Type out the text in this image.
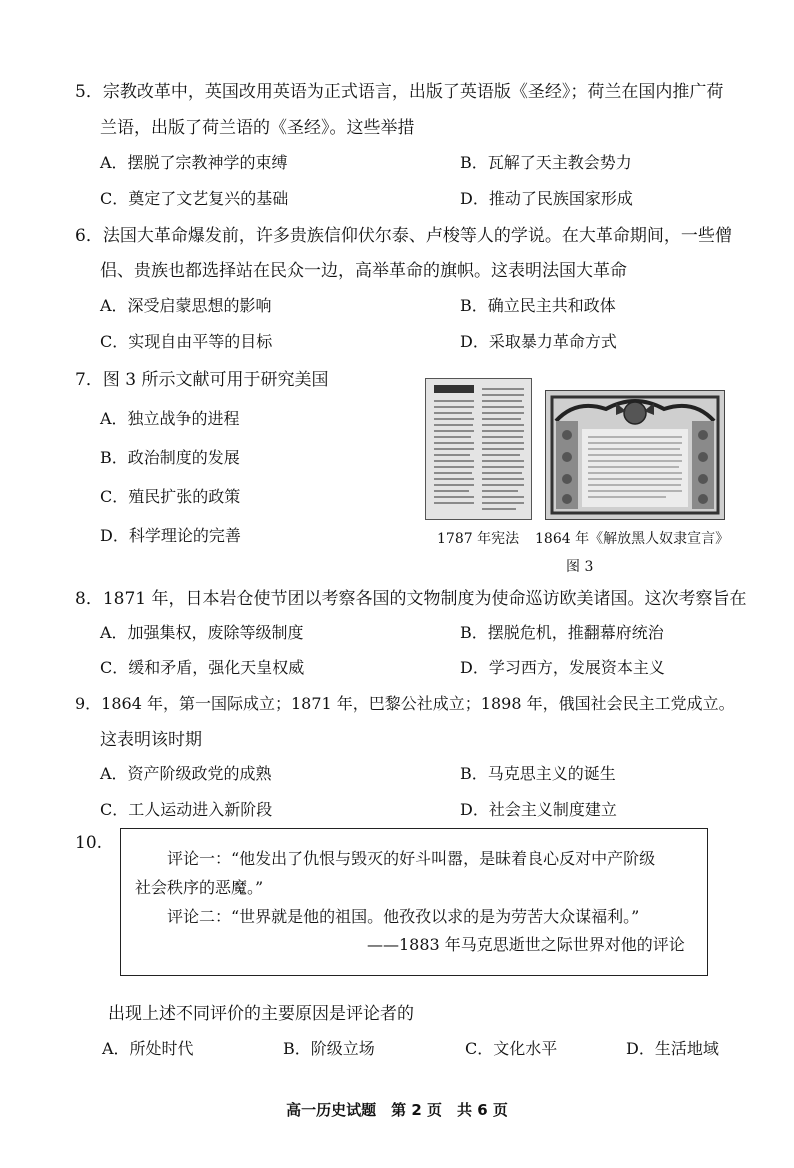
5．宗教改革中，英国改用英语为正式语言，出版了英语版《圣经》；荷兰在国内推广荷
兰语，出版了荷兰语的《圣经》。这些举措
A．摆脱了宗教神学的束缚	B．瓦解了天主教会势力
C．奠定了文艺复兴的基础	D．推动了民族国家形成
6．法国大革命爆发前，许多贵族信仰伏尔泰、卢梭等人的学说。在大革命期间，一些僧
侣、贵族也都选择站在民众一边，高举革命的旗帜。这表明法国大革命
A．深受启蒙思想的影响	B．确立民主共和政体
C．实现自由平等的目标	D．采取暴力革命方式
7．图 3 所示文献可用于研究美国
A．独立战争的进程
B．政治制度的发展
C．殖民扩张的政策
D．科学理论的完善	1787 年宪法 1864 年《解放黑人奴隶宣言》
图 3
8．1871 年，日本岩仓使节团以考察各国的文物制度为使命巡访欧美诸国。这次考察旨在
A．加强集权，废除等级制度	B．摆脱危机，推翻幕府统治
C．缓和矛盾，强化天皇权威	D．学习西方，发展资本主义
9．1864 年，第一国际成立；1871 年，巴黎公社成立；1898 年，俄国社会民主工党成立。
这表明该时期
A．资产阶级政党的成熟	B．马克思主义的诞生
C．工人运动进入新阶段	D．社会主义制度建立
10.
评论一：“他发出了仇恨与毁灭的好斗叫嚣，是昧着良心反对中产阶级
社会秩序的恶魔。”
评论二：“世界就是他的祖国。他孜孜以求的是为劳苦大众谋福利。”
——1883 年马克思逝世之际世界对他的评论
出现上述不同评价的主要原因是评论者的
A．所处时代	B．阶级立场	C．文化水平	D．生活地域
高一历史试题　第 2 页　共 6 页
